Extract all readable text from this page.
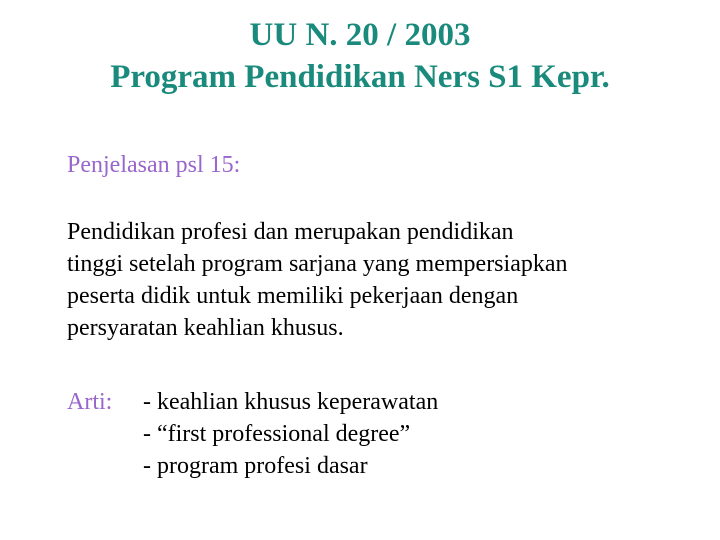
UU N. 20 / 2003
Program Pendidikan Ners S1 Kepr.
Penjelasan psl 15:
Pendidikan profesi dan merupakan pendidikan
tinggi setelah program sarjana yang mempersiapkan
peserta didik untuk memiliki pekerjaan dengan
persyaratan keahlian khusus.
Arti: - keahlian khusus keperawatan
- “first professional degree”
- program profesi dasar
